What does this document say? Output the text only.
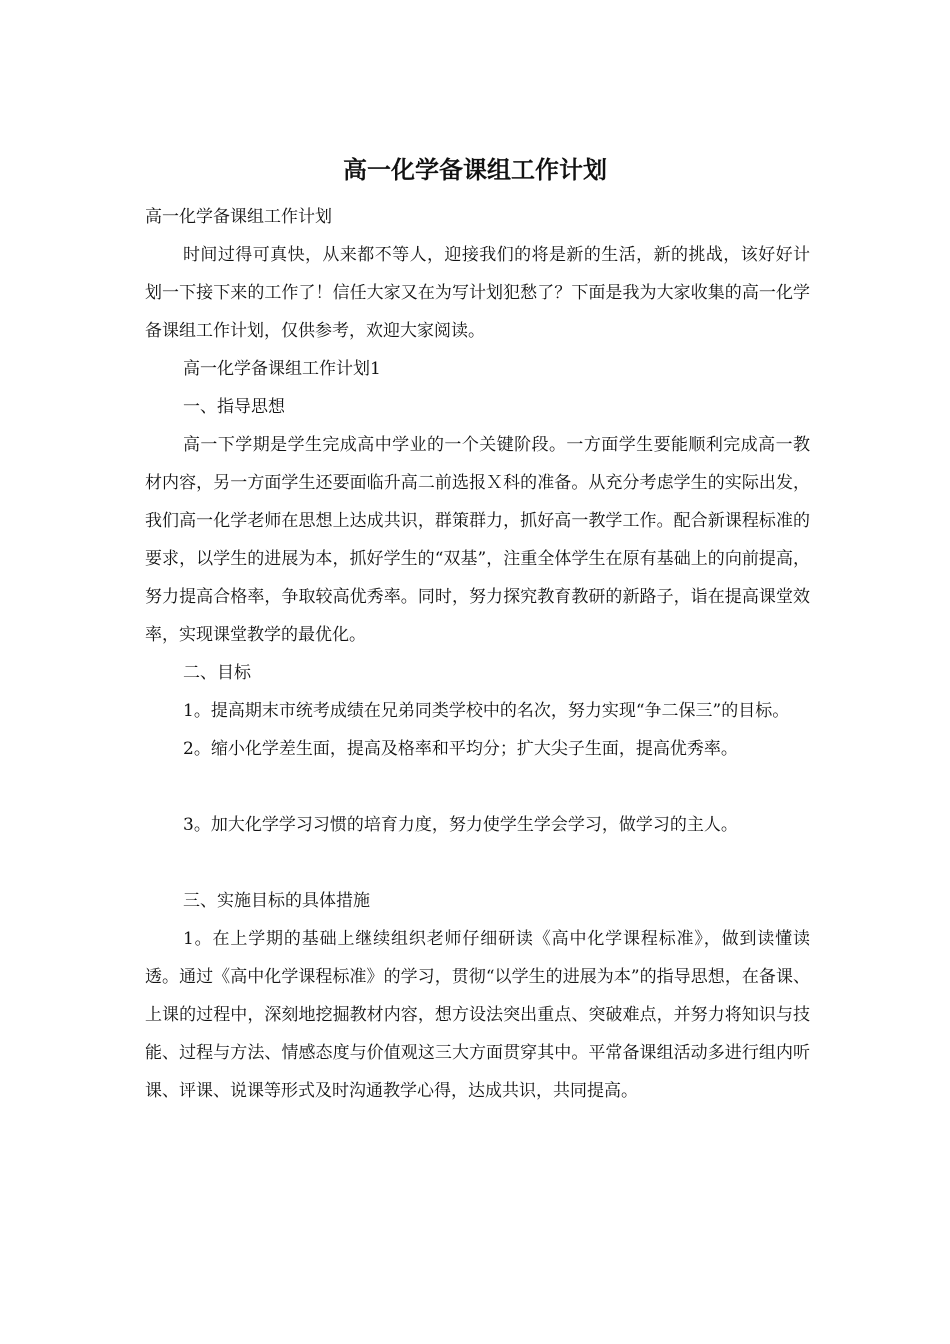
高一化学备课组工作计划

高一化学备课组工作计划

时间过得可真快，从来都不等人，迎接我们的将是新的生活，新的挑战，该好好计划一下接下来的工作了！信任大家又在为写计划犯愁了？下面是我为大家收集的高一化学备课组工作计划，仅供参考，欢迎大家阅读。

高一化学备课组工作计划1

一、指导思想

高一下学期是学生完成高中学业的一个关键阶段。一方面学生要能顺利完成高一教材内容，另一方面学生还要面临升高二前选报Ｘ科的准备。从充分考虑学生的实际出发，我们高一化学老师在思想上达成共识，群策群力，抓好高一教学工作。配合新课程标准的要求，以学生的进展为本，抓好学生的“双基”，注重全体学生在原有基础上的向前提高，努力提高合格率，争取较高优秀率。同时，努力探究教育教研的新路子，诣在提高课堂效率，实现课堂教学的最优化。

二、目标

1。提高期末市统考成绩在兄弟同类学校中的名次，努力实现“争二保三”的目标。

2。缩小化学差生面，提高及格率和平均分；扩大尖子生面，提高优秀率。

3。加大化学学习习惯的培育力度，努力使学生学会学习，做学习的主人。

三、实施目标的具体措施

1。在上学期的基础上继续组织老师仔细研读《高中化学课程标准》，做到读懂读透。通过《高中化学课程标准》的学习，贯彻“以学生的进展为本”的指导思想，在备课、上课的过程中，深刻地挖掘教材内容，想方设法突出重点、突破难点，并努力将知识与技能、过程与方法、情感态度与价值观这三大方面贯穿其中。平常备课组活动多进行组内听课、评课、说课等形式及时沟通教学心得，达成共识，共同提高。
